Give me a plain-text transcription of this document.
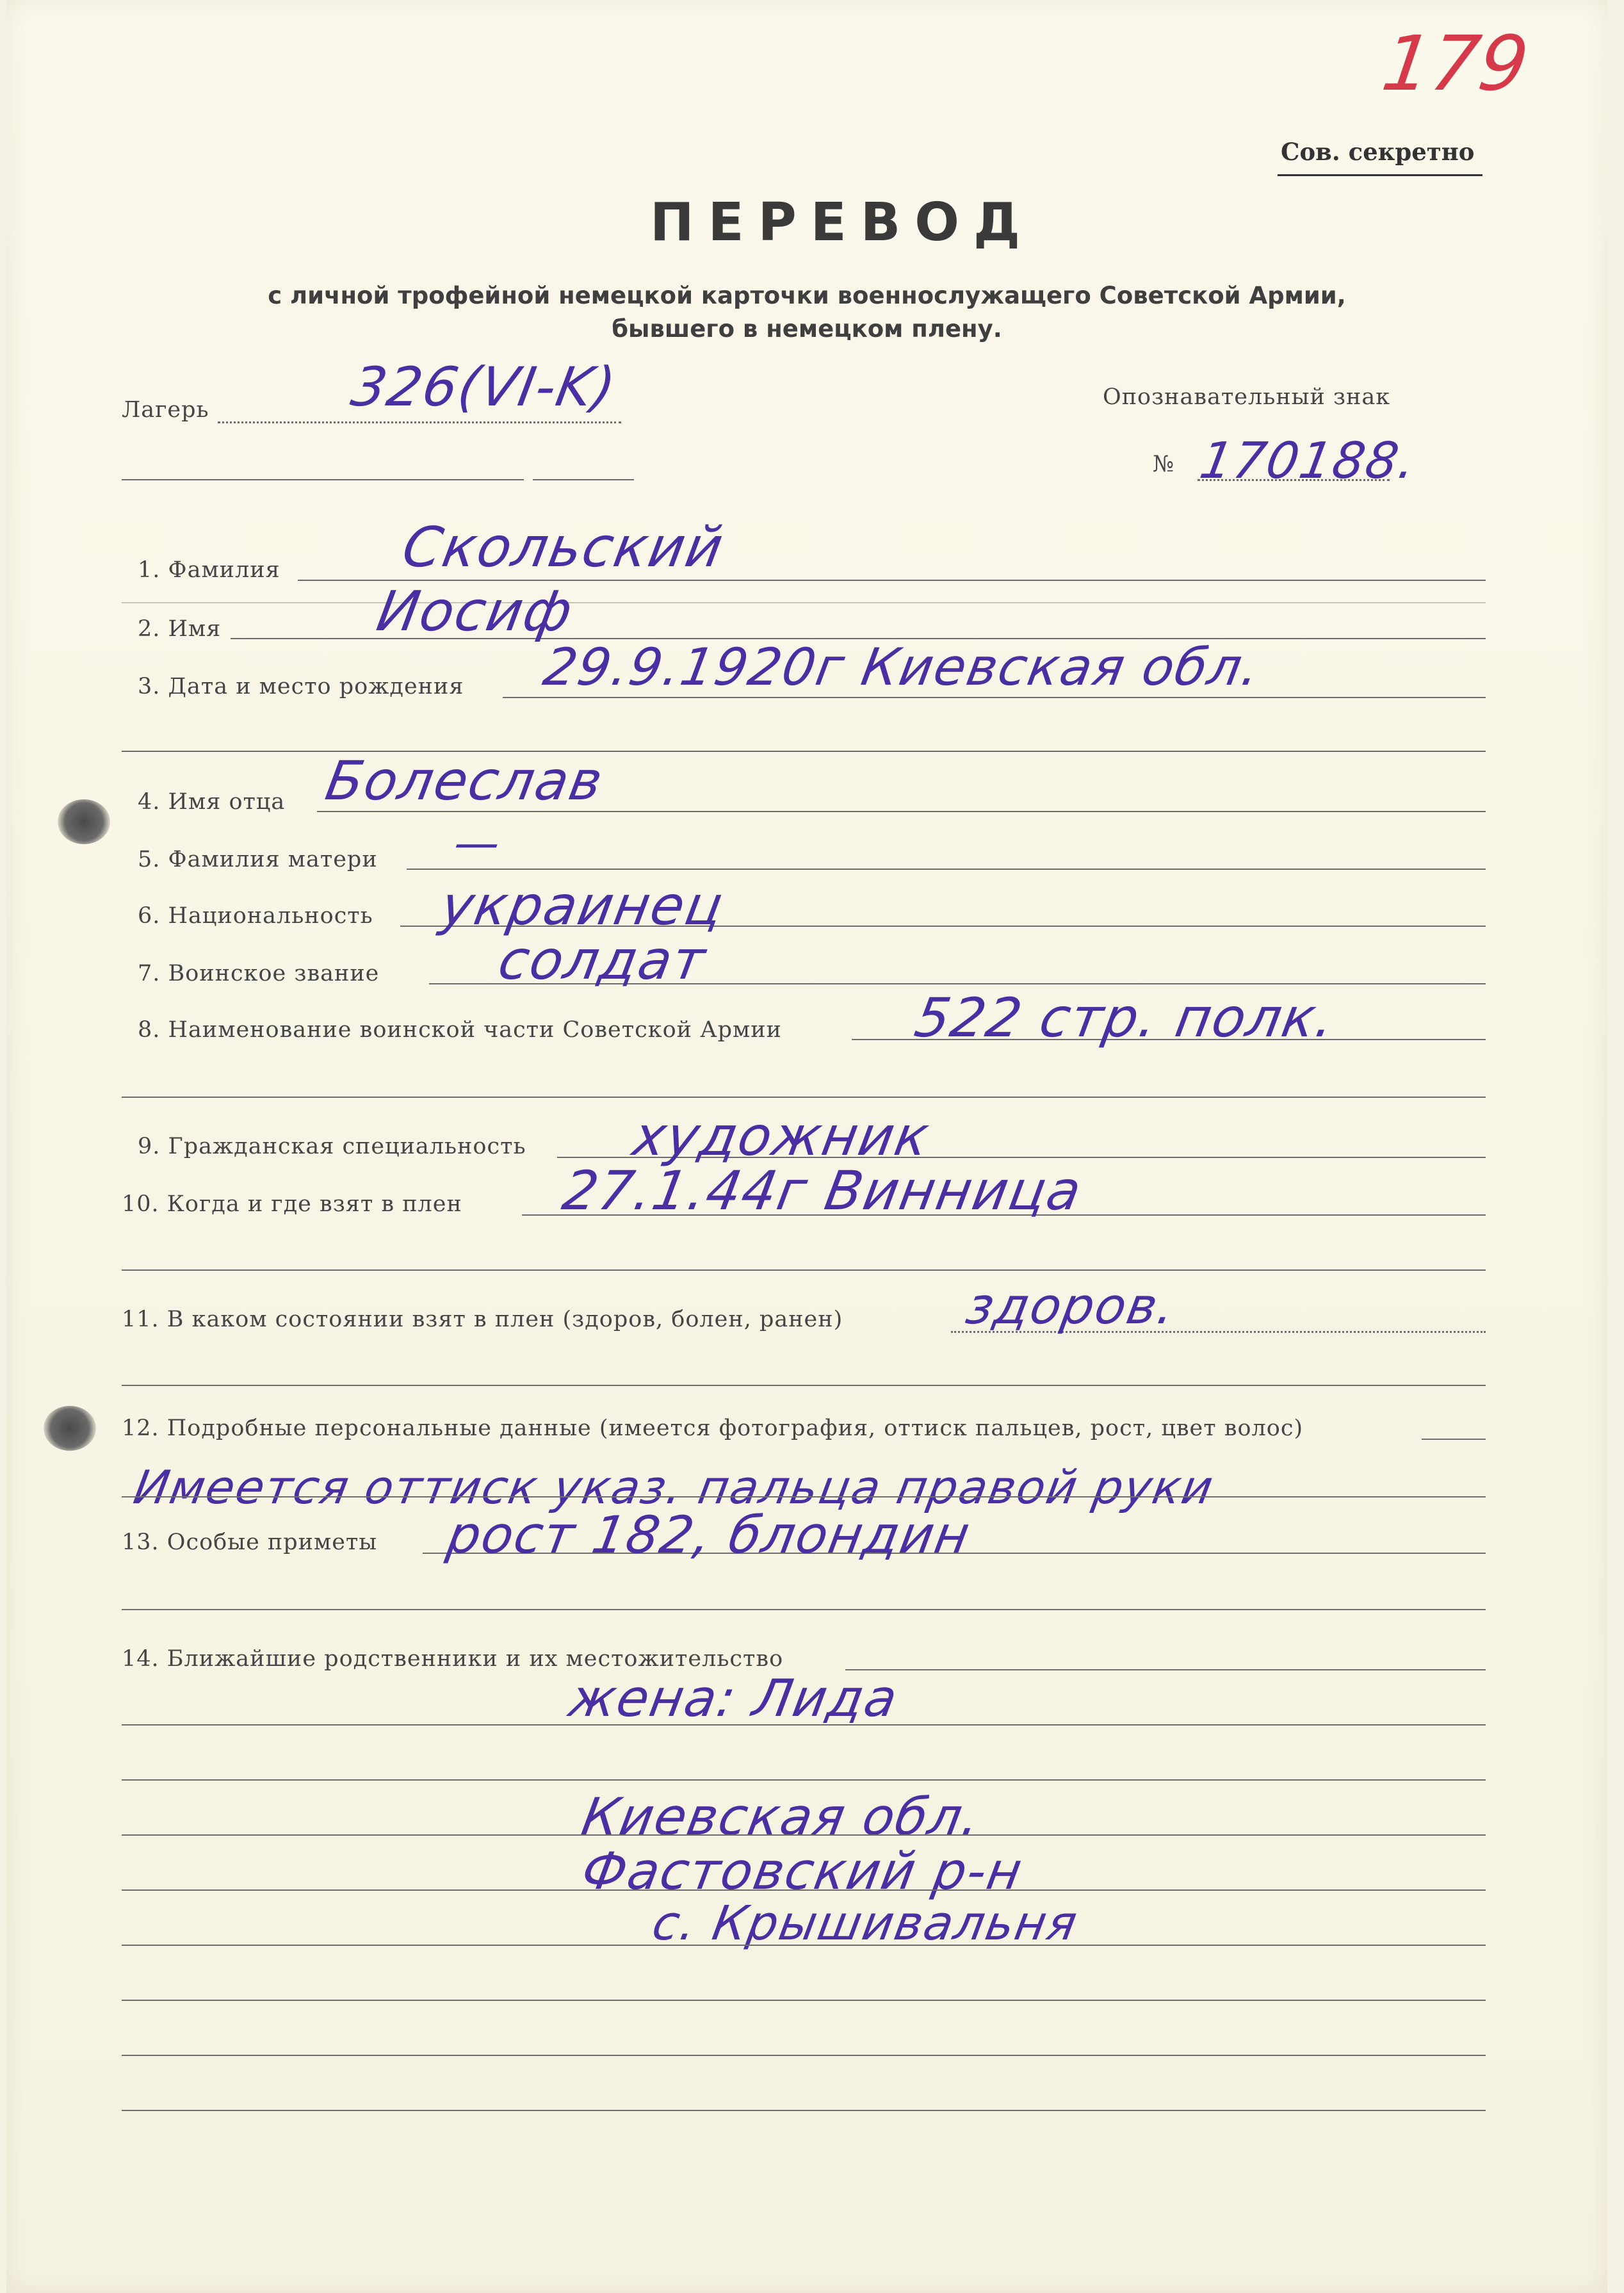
179
Сов. секретно
ПЕРЕВОД
с личной трофейной немецкой карточки военнослужащего Советской Армии,
бывшего в немецком плену.
Лагерь	326(VI-K)	Опознавательный знак
№ 170188.
1. Фамилия Скольский
2. Имя	Иосиф
3. Дата и место рождения 29.9.1920г Киевская обл.
4. Имя отца Болеслав
5. Фамилия матери —
6. Национальность украинец
7. Воинское звание солдат
8. Наименование воинской части Советской Армии 522 стр. полк.
9. Гражданская специальность художник
10. Когда и где взят в плен 27.1.44г Винница
11. В каком состоянии взят в плен (здоров, болен, ранен) здоров.
12. Подробные персональные данные (имеется фотография, оттиск пальцев, рост, цвет волос)
Имеется оттиск указ. пальца правой руки
13. Особые приметы рост 182, блондин
14. Ближайшие родственники и их местожительство
жена: Лида
Киевская обл.
Фастовский р-н
с. Крышивальня
